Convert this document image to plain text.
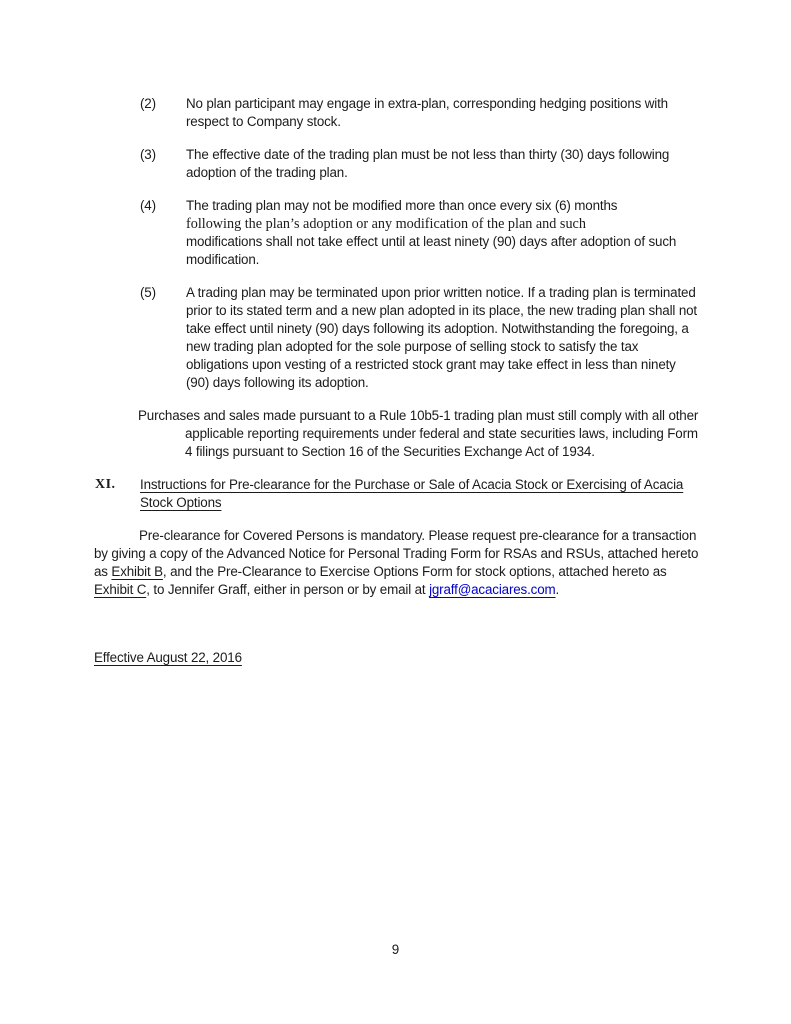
(2) No plan participant may engage in extra-plan, corresponding hedging positions with respect to Company stock.
(3) The effective date of the trading plan must be not less than thirty (30) days following adoption of the trading plan.
(4) The trading plan may not be modified more than once every six (6) months
following the plan’s adoption or any modification of the plan and such
modifications shall not take effect until at least ninety (90) days after adoption of such modification.
(5) A trading plan may be terminated upon prior written notice. If a trading plan is terminated prior to its stated term and a new plan adopted in its place, the new trading plan shall not take effect until ninety (90) days following its adoption. Notwithstanding the foregoing, a new trading plan adopted for the sole purpose of selling stock to satisfy the tax obligations upon vesting of a restricted stock grant may take effect in less than ninety (90) days following its adoption.

Purchases and sales made pursuant to a Rule 10b5-1 trading plan must still comply with all other applicable reporting requirements under federal and state securities laws, including Form 4 filings pursuant to Section 16 of the Securities Exchange Act of 1934.

XI. Instructions for Pre-clearance for the Purchase or Sale of Acacia Stock or Exercising of Acacia Stock Options

Pre-clearance for Covered Persons is mandatory. Please request pre-clearance for a transaction by giving a copy of the Advanced Notice for Personal Trading Form for RSAs and RSUs, attached hereto as Exhibit B, and the Pre-Clearance to Exercise Options Form for stock options, attached hereto as Exhibit C, to Jennifer Graff, either in person or by email at jgraff@acaciares.com.

Effective August 22, 2016
9
